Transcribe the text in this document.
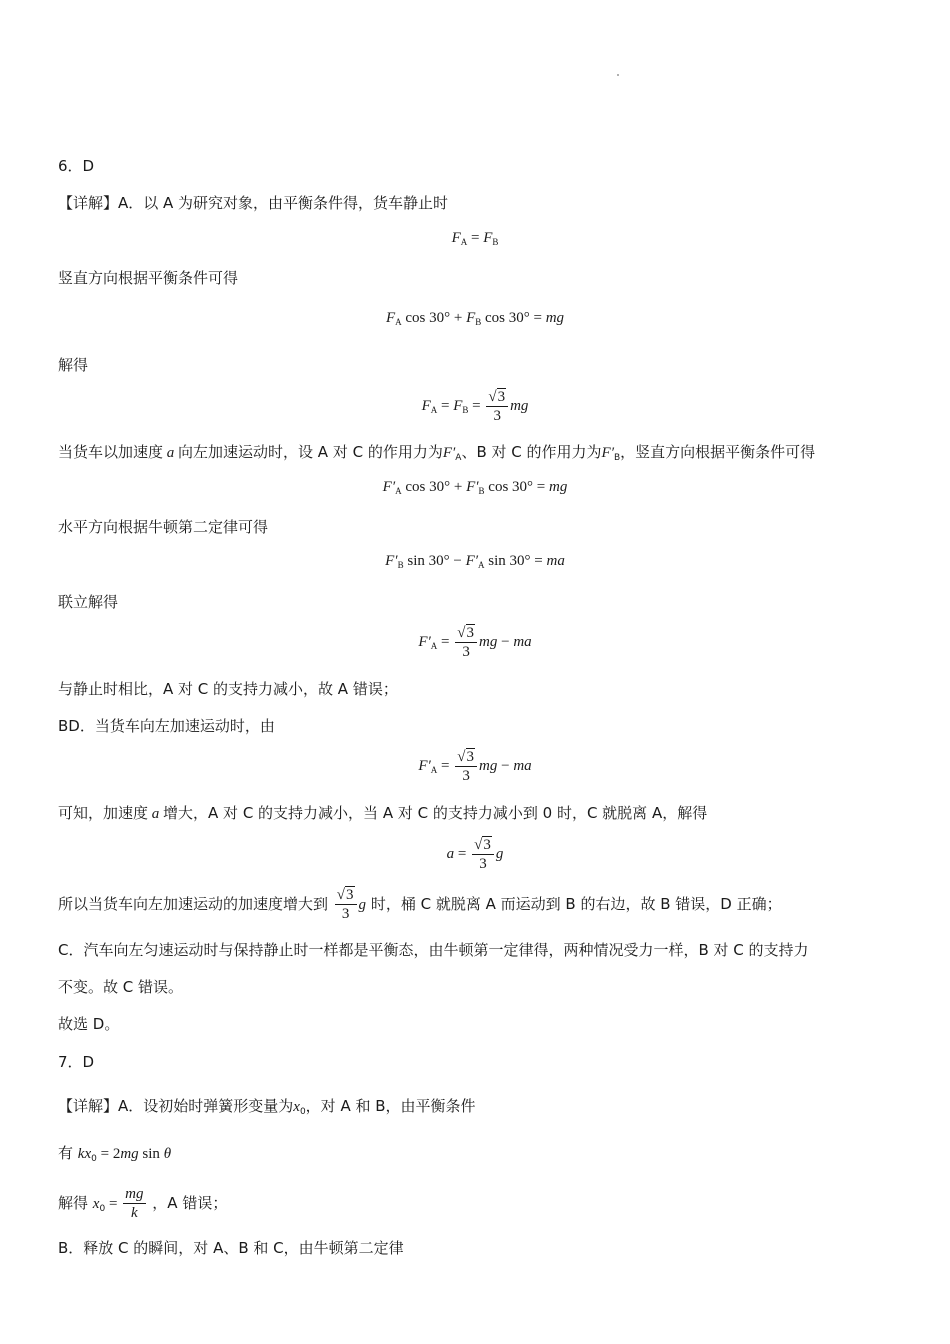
6．D
【详解】A．以 A 为研究对象，由平衡条件得，货车静止时
$F_A = F_B$
竖直方向根据平衡条件可得
$F_A$ $\cos 30^\circ + F_B$ cos 30° = mg
解得
$F_A = F_B = \frac{√3}{3}$ mg
当货车以加速度 a 向左加速运动时，设 A 对 C 的作用力为$F'_A$、B 对 C 的作用力为$F'_B$，竖直方向根据平衡条件可得
$F'_A$ $\cos 30^\circ + F'_B$ cos 30° = mg
水平方向根据牛顿第二定律可得
$F'_B$ $\sin 30^\circ - F'_A$ sin 30° = ma
联立解得
$F'_A = \frac{√3}{3}$ mg − ma
与静止时相比，A 对 C 的支持力减小，故 A 错误；
BD．当货车向左加速运动时，由
$F'_A = \frac{√3}{3}$ mg − ma
可知，加速度 a 增大，A 对 C 的支持力减小，当 A 对 C 的支持力减小到 0 时，C 就脱离 A，解得
$a = \frac{√3}{3}$ g
所以当货车向左加速运动的加速度增大到 $\frac{√3}{3}$ g 时，桶 C 就脱离 A 而运动到 B 的右边，故 B 错误，D 正确；
C．汽车向左匀速运动时与保持静止时一样都是平衡态，由牛顿第一定律得，两种情况受力一样，B 对 C 的支持力
不变。故 C 错误。
故选 D。
7．D
【详解】A．设初始时弹簧形变量为$x_0$，对 A 和 B，由平衡条件
有 $kx_0 = 2mg$ sin θ
解得 $x_0 = \frac{mg}{k}$ ，A 错误；
B．释放 C 的瞬间，对 A、B 和 C，由牛顿第二定律
